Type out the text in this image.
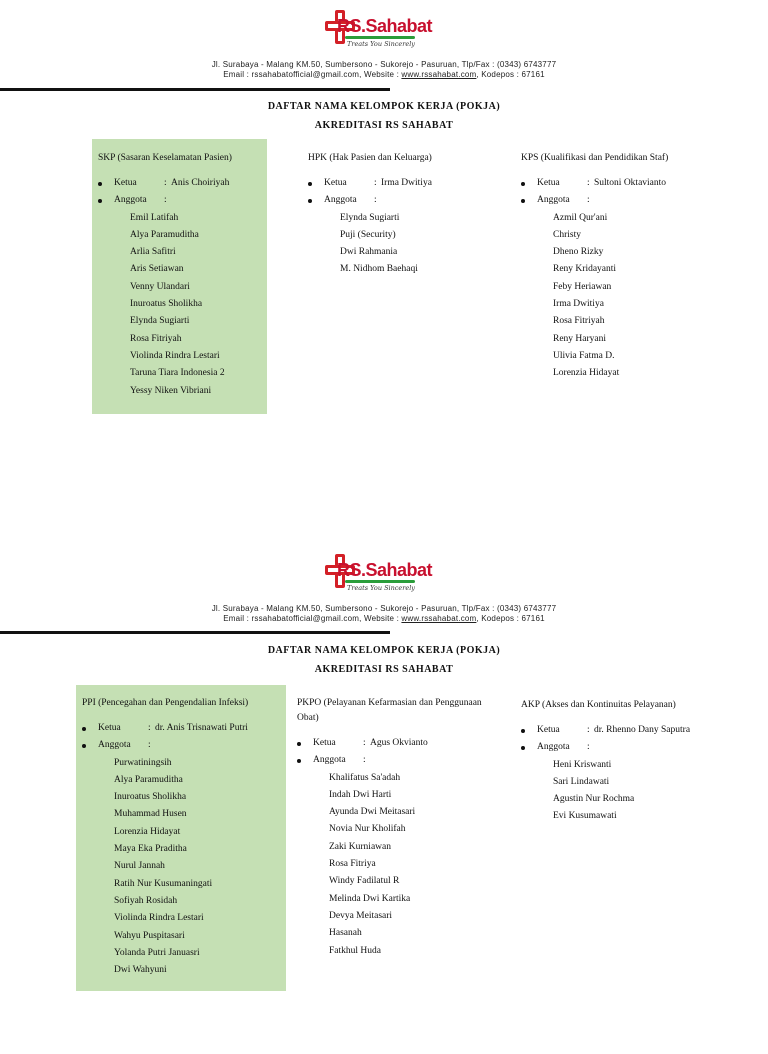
RS.Sahabat
Treats You Sincerely
Jl. Surabaya - Malang KM.50, Sumbersono - Sukorejo - Pasuruan, Tlp/Fax : (0343) 6743777
Email : rssahabatofficial@gmail.com, Website : www.rssahabat.com, Kodepos : 67161
DAFTAR NAMA KELOMPOK KERJA (POKJA)
AKREDITASI RS SAHABAT
SKP (Sasaran Keselamatan Pasien)
Ketua	: Anis Choiriyah
Anggota :
Emil Latifah
Alya Paramuditha
Arlia Safitri
Aris Setiawan
Venny Ulandari
Inuroatus Sholikha
Elynda Sugiarti
Rosa Fitriyah
Violinda Rindra Lestari
Taruna Tiara Indonesia 2
Yessy Niken Vibriani
HPK (Hak Pasien dan Keluarga)
Ketua	: Irma Dwitiya
Anggota :
Elynda Sugiarti
Puji (Security)
Dwi Rahmania
M. Nidhom Baehaqi
KPS (Kualifikasi dan Pendidikan Staf)
Ketua	: Sultoni Oktavianto
Anggota :
Azmil Qur'ani
Christy
Dheno Rizky
Reny Kridayanti
Feby Heriawan
Irma Dwitiya
Rosa Fitriyah
Reny Haryani
Ulivia Fatma D.
Lorenzia Hidayat
RS.Sahabat
Treats You Sincerely
Jl. Surabaya - Malang KM.50, Sumbersono - Sukorejo - Pasuruan, Tlp/Fax : (0343) 6743777
Email : rssahabatofficial@gmail.com, Website : www.rssahabat.com, Kodepos : 67161
DAFTAR NAMA KELOMPOK KERJA (POKJA)
AKREDITASI RS SAHABAT
PPI (Pencegahan dan Pengendalian Infeksi)
Ketua	: dr. Anis Trisnawati Putri
Anggota :
Purwatiningsih
Alya Paramuditha
Inuroatus Sholikha
Muhammad Husen
Lorenzia Hidayat
Maya Eka Praditha
Nurul Jannah
Ratih Nur Kusumaningati
Sofiyah Rosidah
Violinda Rindra Lestari
Wahyu Puspitasari
Yolanda Putri Januasri
Dwi Wahyuni
PKPO (Pelayanan Kefarmasian dan Penggunaan Obat)
Ketua	: Agus Okvianto
Anggota :
Khalifatus Sa'adah
Indah Dwi Harti
Ayunda Dwi Meitasari
Novia Nur Kholifah
Zaki Kurniawan
Rosa Fitriya
Windy Fadilatul R
Melinda Dwi Kartika
Devya Meitasari
Hasanah
Fatkhul Huda
AKP (Akses dan Kontinuitas Pelayanan)
Ketua	: dr. Rhenno Dany Saputra
Anggota :
Heni Kriswanti
Sari Lindawati
Agustin Nur Rochma
Evi Kusumawati
